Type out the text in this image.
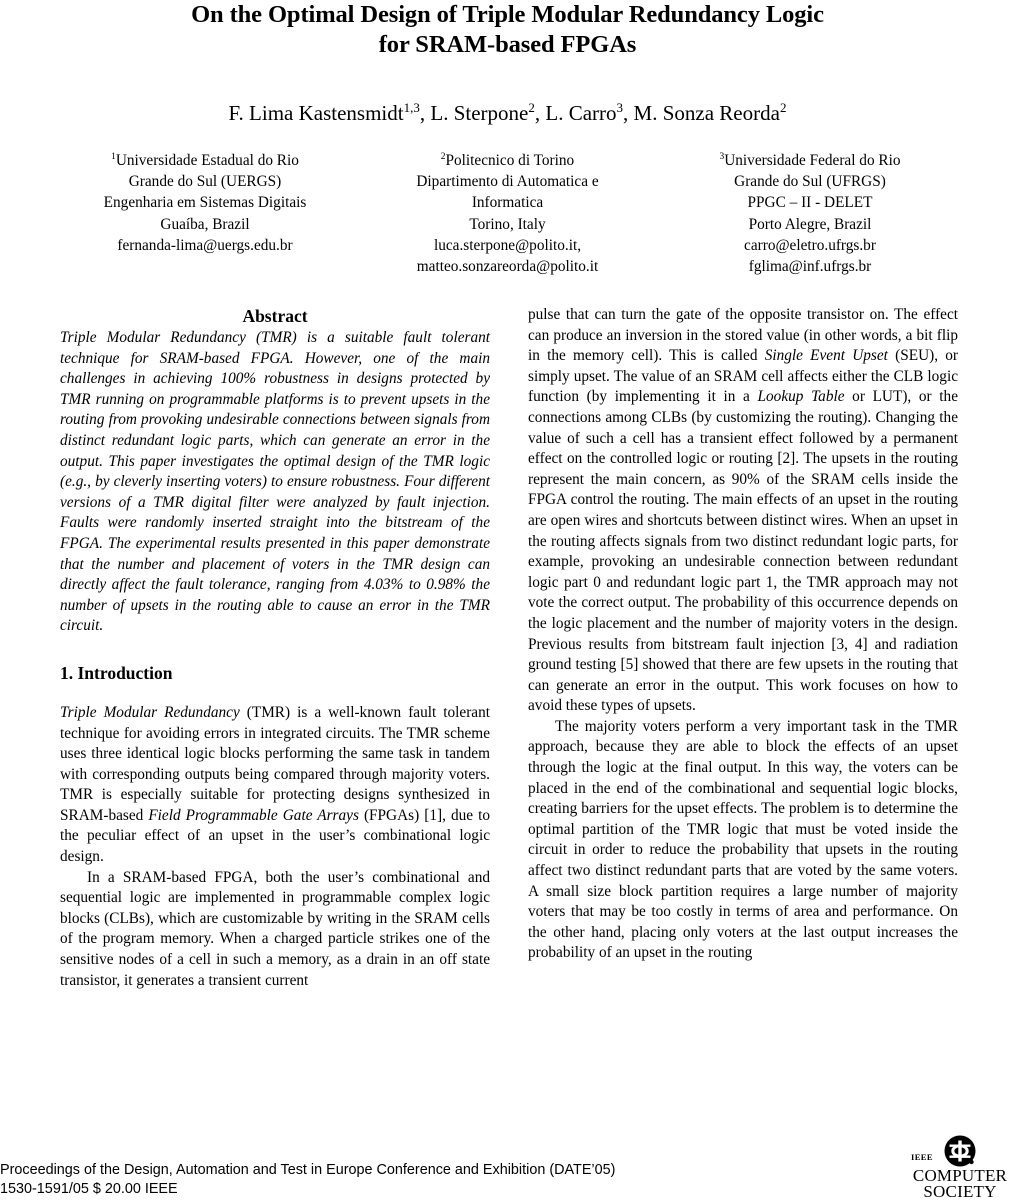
On the Optimal Design of Triple Modular Redundancy Logic
for SRAM-based FPGAs
F. Lima Kastensmidt$^{1,3}$, L. Sterpone$^2$, L. Carro$^3$, M. Sonza Reorda$^2$
$^1$Universidade Estadual do Rio
Grande do Sul (UERGS)
Engenharia em Sistemas Digitais
Guaíba, Brazil
fernanda-lima@uergs.edu.br
$^2$Politecnico di Torino
Dipartimento di Automatica e
Informatica
Torino, Italy
luca.sterpone@polito.it,
matteo.sonzareorda@polito.it
$^3$Universidade Federal do Rio
Grande do Sul (UFRGS)
PPGC – II - DELET
Porto Alegre, Brazil
carro@eletro.ufrgs.br
fglima@inf.ufrgs.br
Abstract

Triple Modular Redundancy (TMR) is a suitable fault tolerant technique for SRAM-based FPGA. However, one of the main challenges in achieving 100% robustness in designs protected by TMR running on programmable platforms is to prevent upsets in the routing from provoking undesirable connections between signals from distinct redundant logic parts, which can generate an error in the output. This paper investigates the optimal design of the TMR logic (e.g., by cleverly inserting voters) to ensure robustness. Four different versions of a TMR digital filter were analyzed by fault injection. Faults were randomly inserted straight into the bitstream of the FPGA. The experimental results presented in this paper demonstrate that the number and placement of voters in the TMR design can directly affect the fault tolerance, ranging from 4.03% to 0.98% the number of upsets in the routing able to cause an error in the TMR circuit.

1. Introduction

Triple Modular Redundancy (TMR) is a well-known fault tolerant technique for avoiding errors in integrated circuits. The TMR scheme uses three identical logic blocks performing the same task in tandem with corresponding outputs being compared through majority voters. TMR is especially suitable for protecting designs synthesized in SRAM-based Field Programmable Gate Arrays (FPGAs) [1], due to the peculiar effect of an upset in the user’s combinational logic design.

In a SRAM-based FPGA, both the user’s combinational and sequential logic are implemented in programmable complex logic blocks (CLBs), which are customizable by writing in the SRAM cells of the program memory. When a charged particle strikes one of the sensitive nodes of a cell in such a memory, as a drain in an off state transistor, it generates a transient current

pulse that can turn the gate of the opposite transistor on. The effect can produce an inversion in the stored value (in other words, a bit flip in the memory cell). This is called Single Event Upset (SEU), or simply upset. The value of an SRAM cell affects either the CLB logic function (by implementing it in a Lookup Table or LUT), or the connections among CLBs (by customizing the routing). Changing the value of such a cell has a transient effect followed by a permanent effect on the controlled logic or routing [2]. The upsets in the routing represent the main concern, as 90% of the SRAM cells inside the FPGA control the routing. The main effects of an upset in the routing are open wires and shortcuts between distinct wires. When an upset in the routing affects signals from two distinct redundant logic parts, for example, provoking an undesirable connection between redundant logic part 0 and redundant logic part 1, the TMR approach may not vote the correct output. The probability of this occurrence depends on the logic placement and the number of majority voters in the design. Previous results from bitstream fault injection [3, 4] and radiation ground testing [5] showed that there are few upsets in the routing that can generate an error in the output. This work focuses on how to avoid these types of upsets.

The majority voters perform a very important task in the TMR approach, because they are able to block the effects of an upset through the logic at the final output. In this way, the voters can be placed in the end of the combinational and sequential logic blocks, creating barriers for the upset effects. The problem is to determine the optimal partition of the TMR logic that must be voted inside the circuit in order to reduce the probability that upsets in the routing affect two distinct redundant parts that are voted by the same voters. A small size block partition requires a large number of majority voters that may be too costly in terms of area and performance. On the other hand, placing only voters at the last output increases the probability of an upset in the routing

Proceedings of the Design, Automation and Test in Europe Conference and Exhibition (DATE’05)
1530-1591/05 $ 20.00 IEEE
IEEE
COMPUTER
SOCIETY
